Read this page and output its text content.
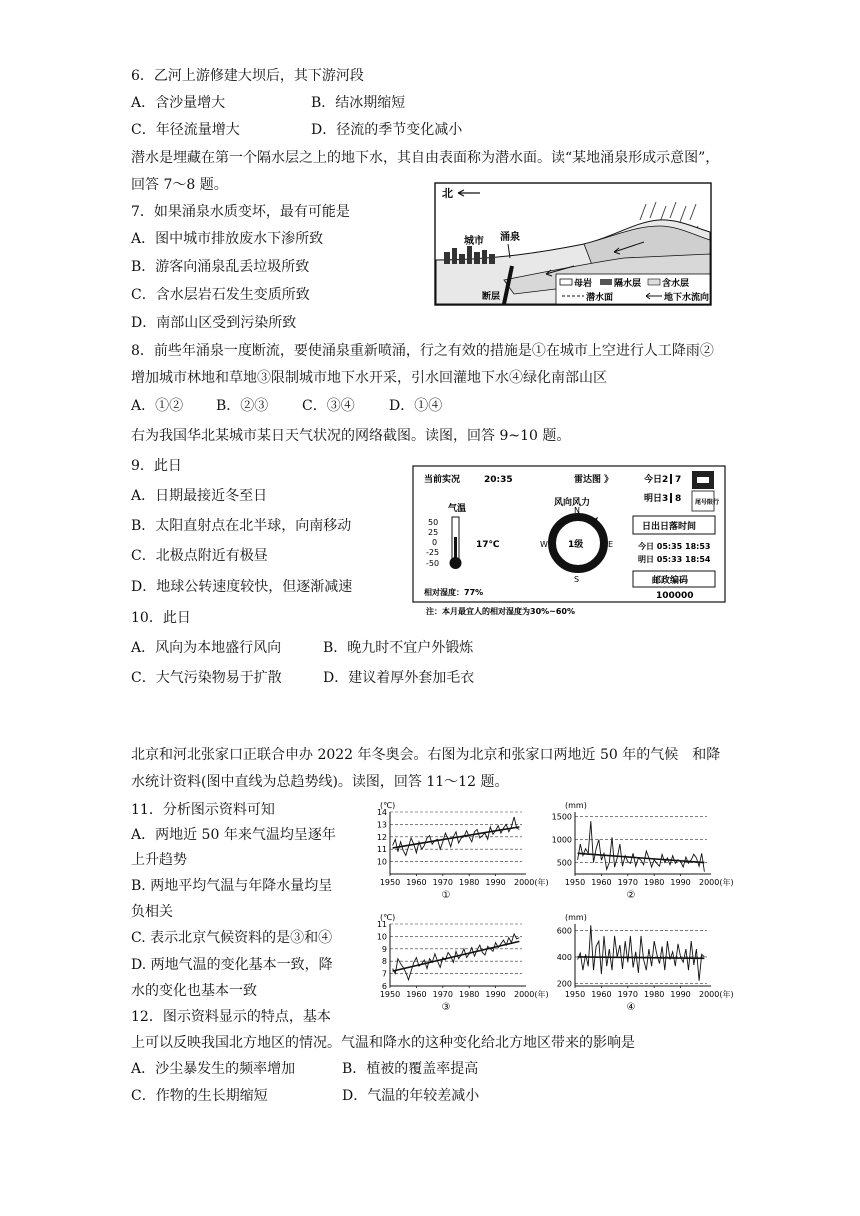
6．乙河上游修建大坝后，其下游河段
A．含沙量增大	B．结冰期缩短
C．年径流量增大	D．径流的季节变化减小
潜水是埋藏在第一个隔水层之上的地下水，其自由表面称为潜水面。读“某地涌泉形成示意图”，
回答 7～8 题。
7．如果涌泉水质变坏，最有可能是
A．图中城市排放废水下渗所致
B．游客向涌泉乱丢垃圾所致
C．含水层岩石发生变质所致
D．南部山区受到污染所致
北
城市 涌泉
断层
母岩 隔水层 含水层
潜水面	地下水流向
8．前些年涌泉一度断流，要使涌泉重新喷涌，行之有效的措施是①在城市上空进行人工降雨②
增加城市林地和草地③限制城市地下水开采，引水回灌地下水④绿化南部山区
A．①② B．②③ C．③④ D．①④
右为我国华北某城市某日天气状况的网络截图。读图，回答 9~10 题。
9．此日
A．日期最接近冬至日
B．太阳直射点在北半球，向南移动
C．北极点附近有极昼
D．地球公转速度较快，但逐渐减速
当前实况	20:35	雷达图 》	今日2 7
明日3 8 尾号限行
气温
50
25
0
-25
-50
17℃
风向风力
1级
N
S
E
W
日出日落时间
今日 05:35 18:53
明日 05:33 18:54
邮政编码
100000
相对湿度：77%
注：本月最宜人的相对湿度为30%~60%
10．此日
A．风向为本地盛行风向	B．晚九时不宜户外锻炼
C．大气污染物易于扩散	D．建议着厚外套加毛衣
北京和河北张家口正联合申办 2022 年冬奥会。右图为北京和张家口两地近 50 年的气候　和降
水统计资料(图中直线为总趋势线)。读图，回答 11～12 题。
11．分析图示资料可知
A．两地近 50 年来气温均呈逐年
上升趋势
B. 两地平均气温与年降水量均呈
负相关
C. 表示北京气候资料的是③和④
D. 两地气温的变化基本一致，降
水的变化也基本一致
12．图示资料显示的特点，基本
上可以反映我国北方地区的情况。气温和降水的这种变化给北方地区带来的影响是
A．沙尘暴发生的频率增加	B．植被的覆盖率提高
C．作物的生长期缩短	D．气温的年较差减小
(℃)
10
11
12
13
14
1950 1960 1970 1980 1990 2000(年)
①
(mm)
500
1000
1500
1950 1960 1970 1980 1990 2000(年)
②
(℃)
6
7
8
9
10
11
1950 1960 1970 1980 1990 2000(年)
③
(mm)
200
400
600
1950 1960 1970 1980 1990 2000(年)
④
